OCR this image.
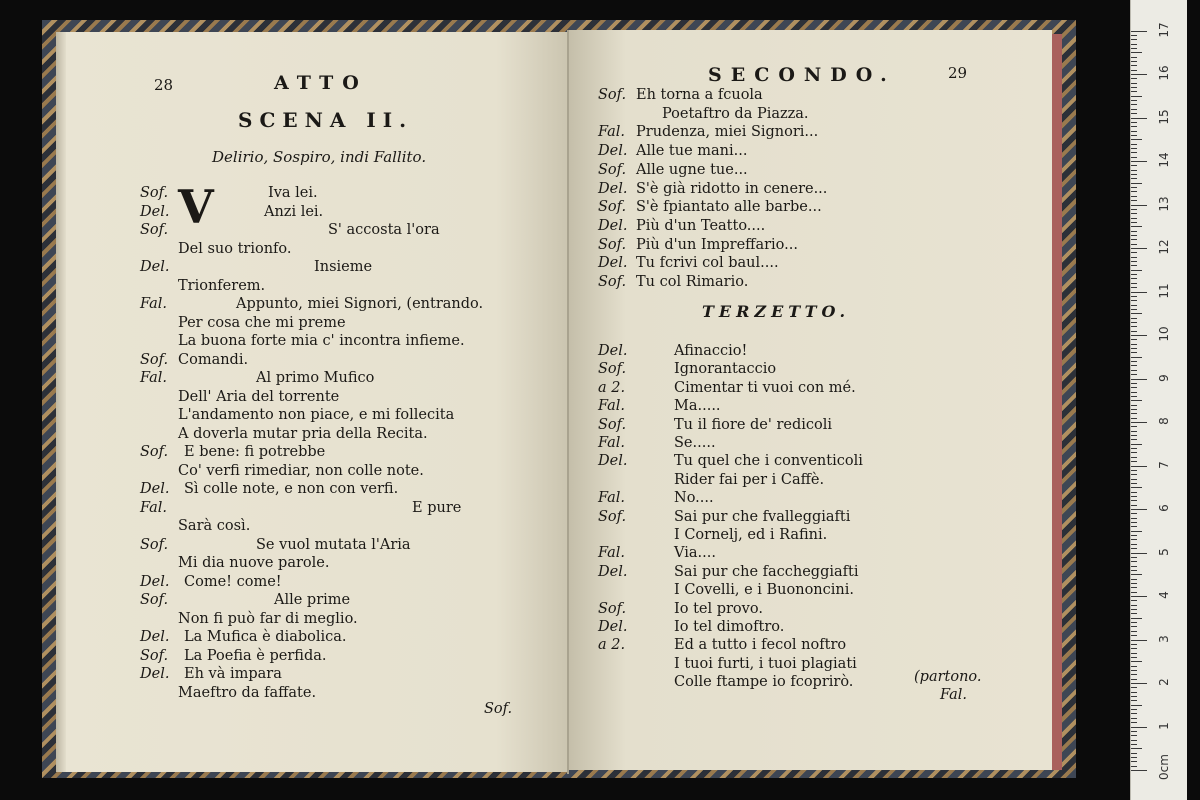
28	ATTO
SCENA II.
Delirio, Sospiro, indi Fallito.
V
Sof.	Iva lei.
Del.	Anzi lei.
Sof.	S' accosta l'ora
Del suo trionfo.
Del.	Insieme
Trionferem.
Fal.	Appunto, miei Signori, (entrando.
Per cosa che mi preme
La buona forte mia c' incontra infieme.
Sof. Comandi.
Fal.	Al primo Mufico
Dell' Aria del torrente
L'andamento non piace, e mi follecita
A doverla mutar pria della Recita.
Sof. E bene: fi potrebbe
Co' verfi rimediar, non colle note.
Del. Sì colle note, e non con verfi.
Fal.	E pure
Sarà così.
Sof.	Se vuol mutata l'Aria
Mi dia nuove parole.
Del. Come! come!
Sof.	Alle prime
Non fi può far di meglio.
Del. La Mufica è diabolica.
Sof. La Poefia è perfida.
Del. Eh và impara
Maeftro da faffate.
Sof.
SECONDO.	29
Sof. Eh torna a fcuola
Poetaftro da Piazza.
Fal. Prudenza, miei Signori...
Del. Alle tue mani...
Sof. Alle ugne tue...
Del. S'è già ridotto in cenere...
Sof. S'è fpiantato alle barbe...
Del. Più d'un Teatto....
Sof. Più d'un Impreffario...
Del. Tu fcrivi col baul....
Sof. Tu col Rimario.
TERZETTO.
Del.	Afinaccio!
Sof.	Ignorantaccio
a 2.	Cimentar ti vuoi con mé.
Fal.	Ma.....
Sof.	Tu il fiore de' redicoli
Fal.	Se.....
Del.	Tu quel che i conventicoli
Rider fai per i Caffè.
Fal.	No....
Sof.	Sai pur che fvalleggiafti
I Cornelj, ed i Rafini.
Fal.	Via....
Del.	Sai pur che faccheggiafti
I Covelli, e i Buononcini.
Sof.	Io tel provo.
Del.	Io tel dimoftro.
a 2.	Ed a tutto i fecol noftro
I tuoi furti, i tuoi plagiati
Colle ftampe io fcoprirò.	(partono.
Fal.
0cm
1
2
3
4
5
6
7
8
9
10
11
12
13
14
15
16
17
